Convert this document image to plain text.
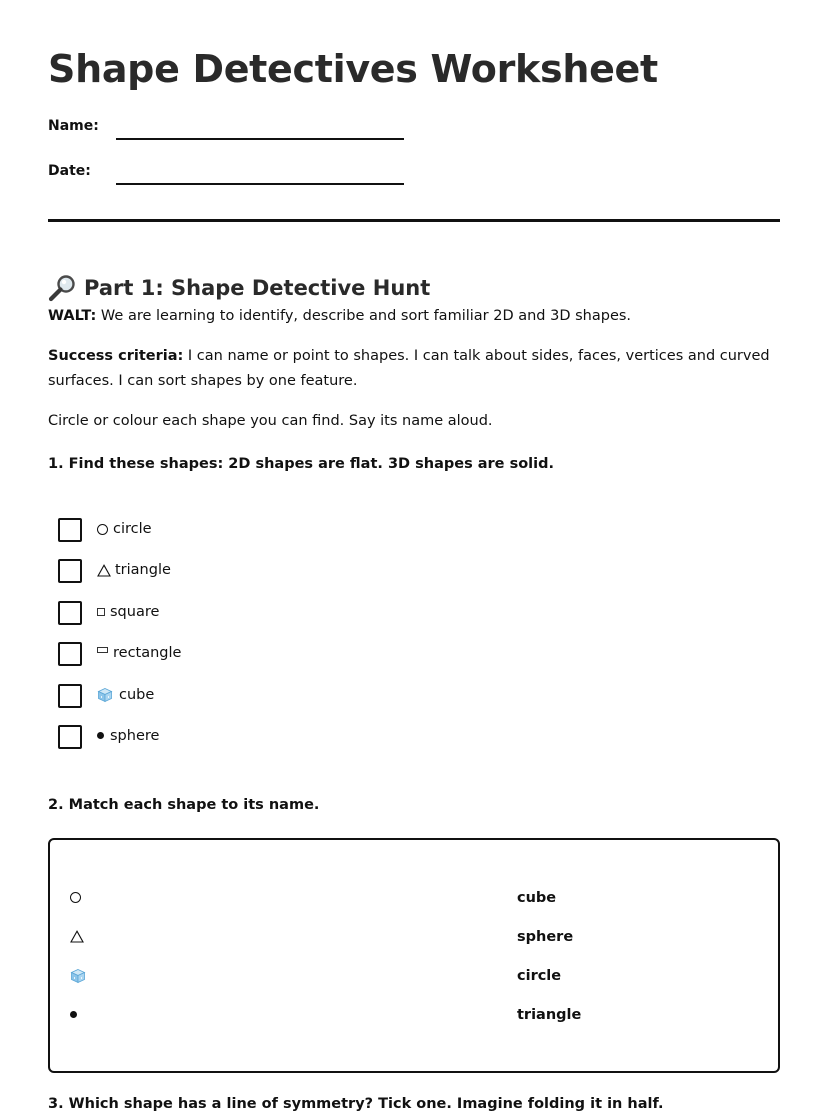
Shape Detectives Worksheet
Name:
Date:
Part 1: Shape Detective Hunt

WALT: We are learning to identify, describe and sort familiar 2D and 3D shapes.

Success criteria: I can name or point to shapes. I can talk about sides, faces, vertices and curved surfaces. I can sort shapes by one feature.

Circle or colour each shape you can find. Say its name aloud.

1. Find these shapes: 2D shapes are flat. 3D shapes are solid.
circle
triangle
square
rectangle
cube
sphere
2. Match each shape to its name.
cube
sphere
circle
triangle
3. Which shape has a line of symmetry? Tick one. Imagine folding it in half.
